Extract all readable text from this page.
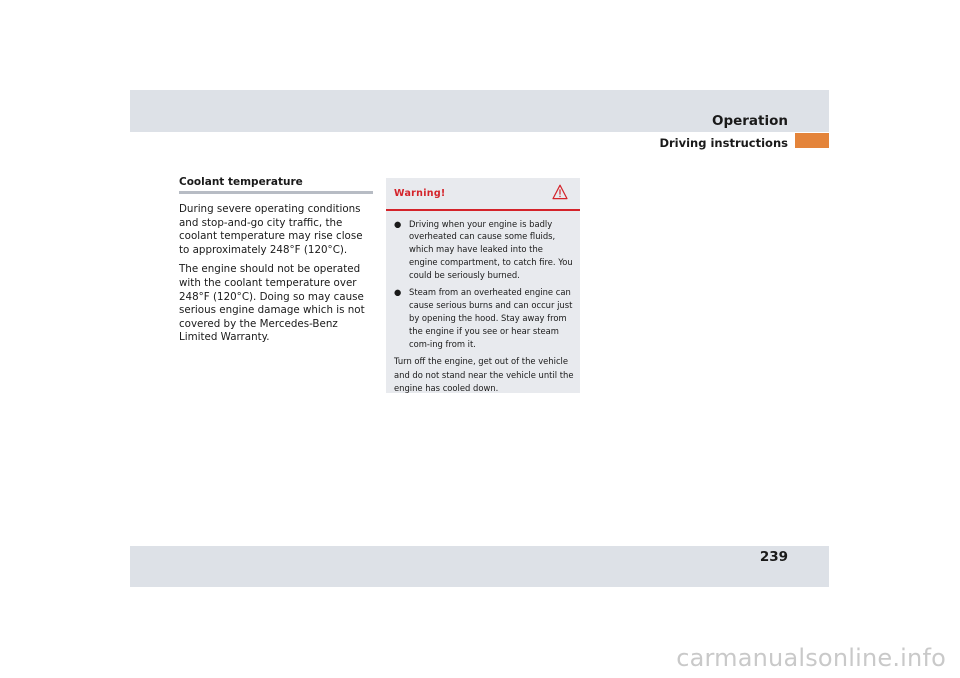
Operation
Driving instructions
Coolant temperature

During severe operating conditions and stop-and-go city traffic, the coolant temperature may rise close to approximately 248°F (120°C).

The engine should not be operated with the coolant temperature over 248°F (120°C). Doing so may cause serious engine damage which is not covered by the Mercedes-Benz Limited Warranty.

Warning!
● Driving when your engine is badly overheated can cause some fluids, which may have leaked into the engine compartment, to catch fire. You could be seriously burned.
● Steam from an overheated engine can cause serious burns and can occur just by opening the hood. Stay away from the engine if you see or hear steam com-ing from it.
Turn off the engine, get out of the vehicle and do not stand near the vehicle until the engine has cooled down.
239
carmanualsonline.info
